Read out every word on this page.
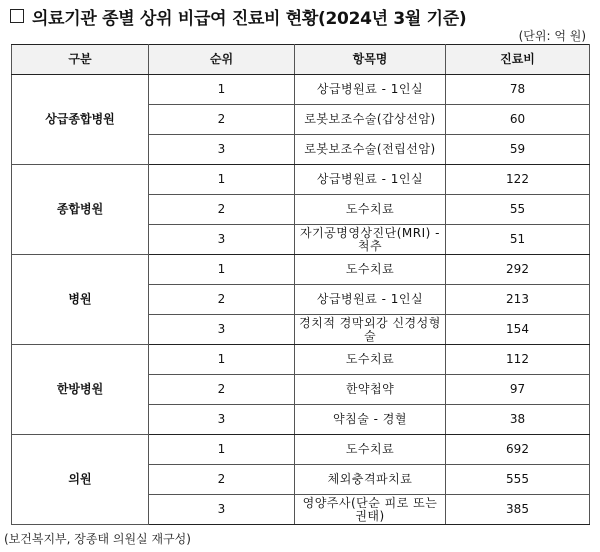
의료기관 종별 상위 비급여 진료비 현황(2024년 3월 기준)
(단위: 억 원)
구분	순위	항목명	진료비
상급종합병원	1	상급병원료 - 1인실	78
	2	로봇보조수술(갑상선암)	60
	3	로봇보조수술(전립선암)	59
종합병원	1	상급병원료 - 1인실	122
	2	도수치료	55
	3	자기공명영상진단(MRI) - 척추	51
병원	1	도수치료	292
	2	상급병원료 - 1인실	213
	3	경치적 경막외강 신경성형술	154
한방병원	1	도수치료	112
	2	한약첩약	97
	3	약침술 - 경혈	38
의원	1	도수치료	692
	2	체외충격파치료	555
	3	영양주사(단순 피로 또는 권태)	385
(보건복지부, 장종태 의원실 재구성)
